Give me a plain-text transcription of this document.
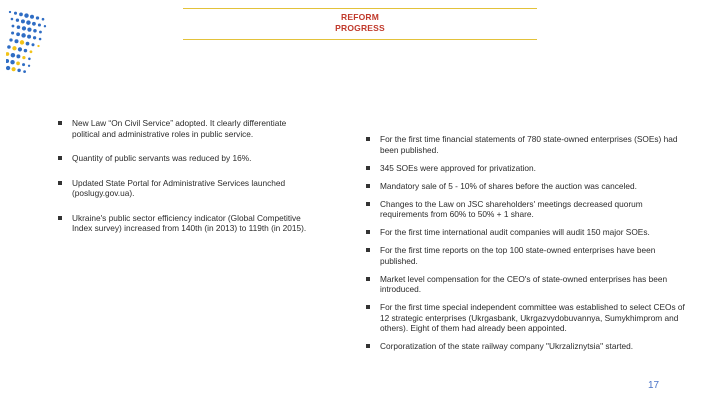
REFORM
PROGRESS
New Law “On Civil Service” adopted. It clearly differentiate political and administrative roles in public service.
Quantity of public servants was reduced by 16%.
Updated State Portal for Administrative Services launched (poslugy.gov.ua).
Ukraine's public sector efficiency indicator (Global Competitive Index survey) increased from 140th (in 2013) to 119th (in 2015).
For the first time financial statements of 780 state-owned enterprises (SOEs) had been published.
345 SOEs were approved for privatization.
Mandatory sale of 5 - 10% of shares before the auction was canceled.
Changes to the Law on JSC shareholders' meetings decreased quorum requirements from 60% to 50% + 1 share.
For the first time international audit companies will audit 150 major SOEs.
For the first time reports on the top 100 state-owned enterprises have been published.
Market level compensation for the CEO's of state-owned enterprises has been introduced.
For the first time special independent committee was established to select CEOs of 12 strategic enterprises (Ukrgasbank, Ukrgazvydobuvannya, Sumykhimprom and others). Eight of them had already been appointed.
Corporatization of the state railway company "Ukrzaliznytsia" started.
17
